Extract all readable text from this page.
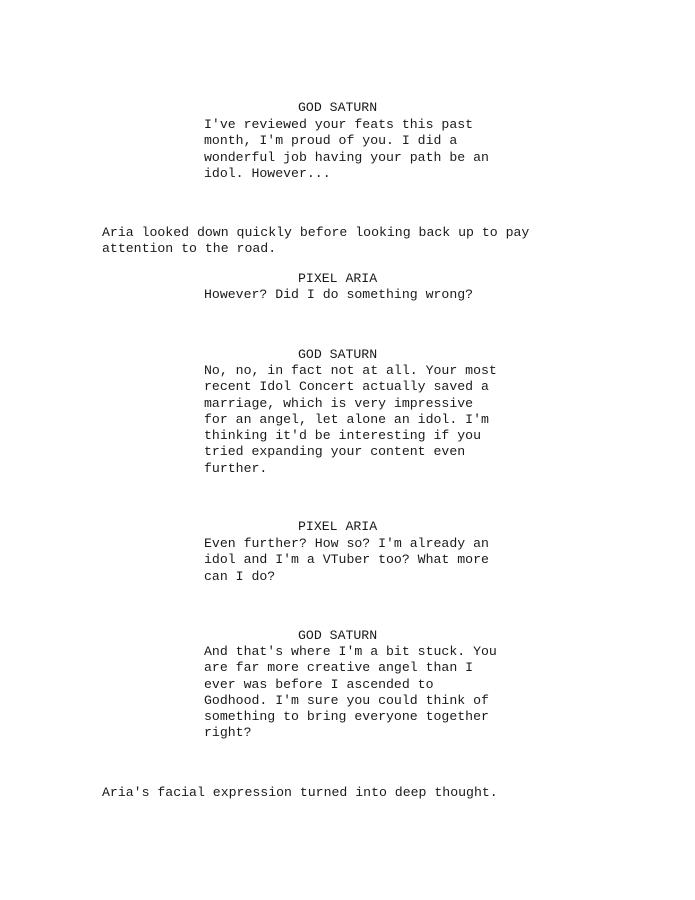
GOD SATURN
I've reviewed your feats this past
month, I'm proud of you. I did a
wonderful job having your path be an
idol. However...
Aria looked down quickly before looking back up to pay
attention to the road.
PIXEL ARIA
However? Did I do something wrong?
GOD SATURN
No, no, in fact not at all. Your most
recent Idol Concert actually saved a
marriage, which is very impressive
for an angel, let alone an idol. I'm
thinking it'd be interesting if you
tried expanding your content even
further.
PIXEL ARIA
Even further? How so? I'm already an
idol and I'm a VTuber too? What more
can I do?
GOD SATURN
And that's where I'm a bit stuck. You
are far more creative angel than I
ever was before I ascended to
Godhood. I'm sure you could think of
something to bring everyone together
right?
Aria's facial expression turned into deep thought.
